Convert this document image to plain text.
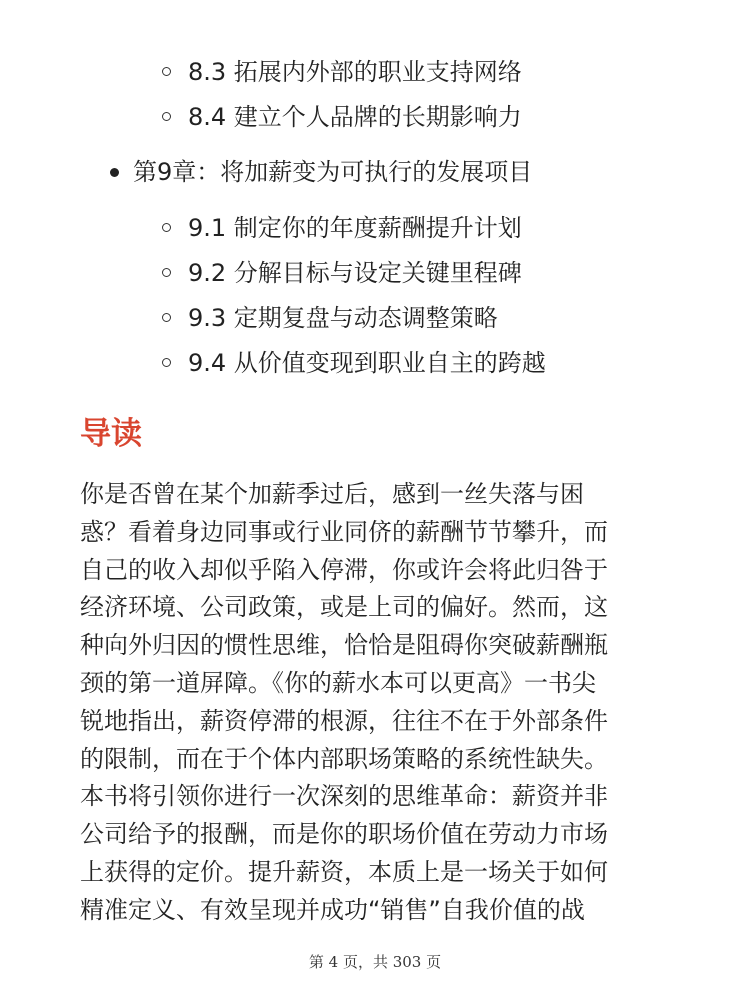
8.3 拓展内外部的职业支持网络
8.4 建立个人品牌的长期影响力
第9章：将加薪变为可执行的发展项目
9.1 制定你的年度薪酬提升计划
9.2 分解目标与设定关键里程碑
9.3 定期复盘与动态调整策略
9.4 从价值变现到职业自主的跨越
导读

你是否曾在某个加薪季过后，感到一丝失落与困
惑？看着身边同事或行业同侪的薪酬节节攀升，而
自己的收入却似乎陷入停滞，你或许会将此归咎于
经济环境、公司政策，或是上司的偏好。然而，这
种向外归因的惯性思维，恰恰是阻碍你突破薪酬瓶
颈的第一道屏障。《你的薪水本可以更高》一书尖
锐地指出，薪资停滞的根源，往往不在于外部条件
的限制，而在于个体内部职场策略的系统性缺失。
本书将引领你进行一次深刻的思维革命：薪资并非
公司给予的报酬，而是你的职场价值在劳动力市场
上获得的定价。提升薪资，本质上是一场关于如何
精准定义、有效呈现并成功“销售”自我价值的战

第 4 页，共 303 页
